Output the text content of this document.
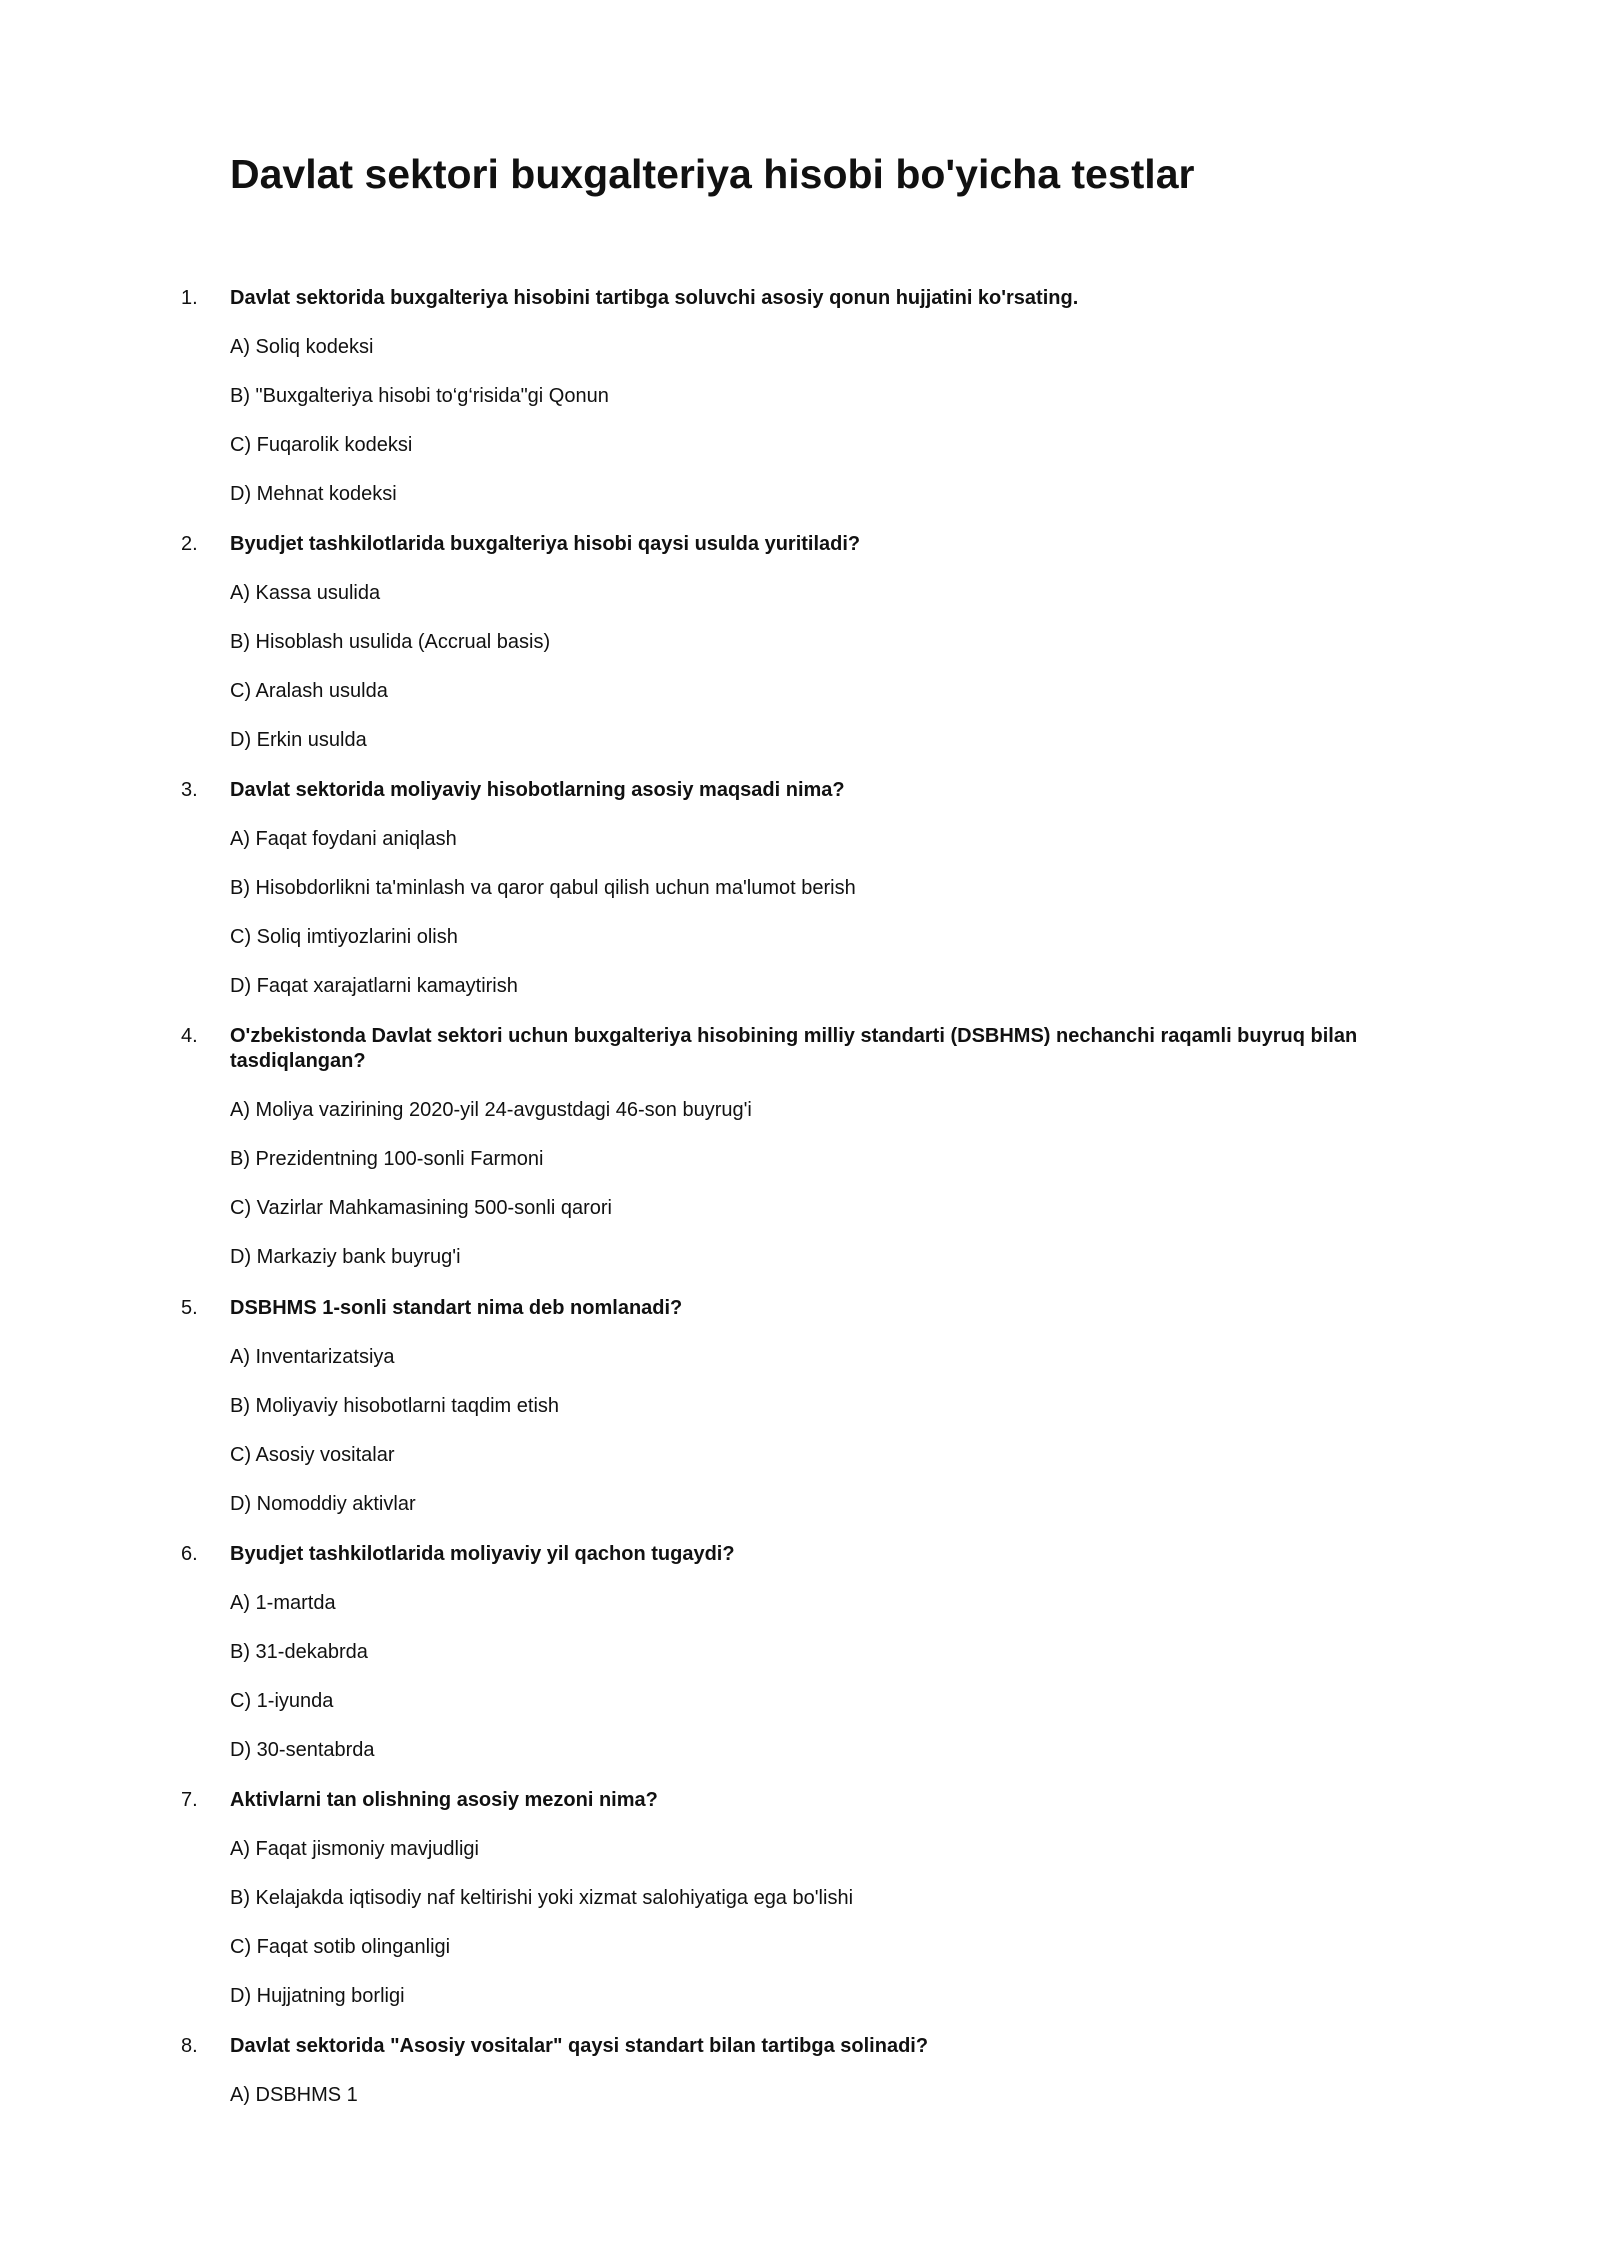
Davlat sektori buxgalteriya hisobi bo'yicha testlar
1. Davlat sektorida buxgalteriya hisobini tartibga soluvchi asosiy qonun hujjatini ko'rsating.
A) Soliq kodeksi
B) "Buxgalteriya hisobi to‘g‘risida"gi Qonun
C) Fuqarolik kodeksi
D) Mehnat kodeksi
2. Byudjet tashkilotlarida buxgalteriya hisobi qaysi usulda yuritiladi?
A) Kassa usulida
B) Hisoblash usulida (Accrual basis)
C) Aralash usulda
D) Erkin usulda
3. Davlat sektorida moliyaviy hisobotlarning asosiy maqsadi nima?
A) Faqat foydani aniqlash
B) Hisobdorlikni ta'minlash va qaror qabul qilish uchun ma'lumot berish
C) Soliq imtiyozlarini olish
D) Faqat xarajatlarni kamaytirish
4. O'zbekistonda Davlat sektori uchun buxgalteriya hisobining milliy standarti (DSBHMS) nechanchi raqamli buyruq bilan tasdiqlangan?
A) Moliya vazirining 2020-yil 24-avgustdagi 46-son buyrug'i
B) Prezidentning 100-sonli Farmoni
C) Vazirlar Mahkamasining 500-sonli qarori
D) Markaziy bank buyrug'i
5. DSBHMS 1-sonli standart nima deb nomlanadi?
A) Inventarizatsiya
B) Moliyaviy hisobotlarni taqdim etish
C) Asosiy vositalar
D) Nomoddiy aktivlar
6. Byudjet tashkilotlarida moliyaviy yil qachon tugaydi?
A) 1-martda
B) 31-dekabrda
C) 1-iyunda
D) 30-sentabrda
7. Aktivlarni tan olishning asosiy mezoni nima?
A) Faqat jismoniy mavjudligi
B) Kelajakda iqtisodiy naf keltirishi yoki xizmat salohiyatiga ega bo'lishi
C) Faqat sotib olinganligi
D) Hujjatning borligi
8. Davlat sektorida "Asosiy vositalar" qaysi standart bilan tartibga solinadi?
A) DSBHMS 1
